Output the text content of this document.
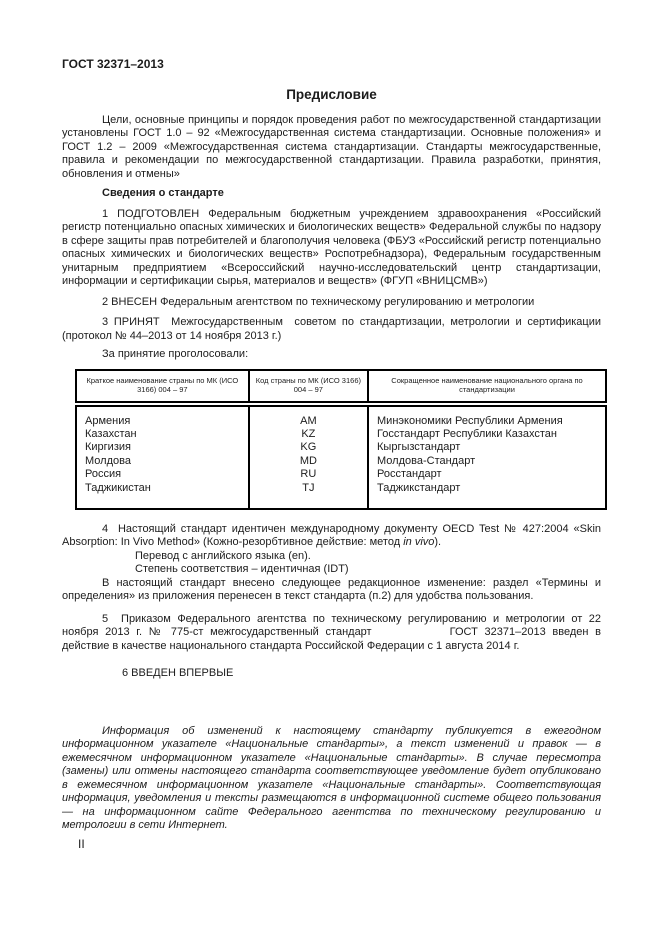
ГОСТ 32371–2013

Предисловие

Цели, основные принципы и порядок проведения работ по межгосударственной стандартизации установлены ГОСТ 1.0 – 92 «Межгосударственная система стандартизации. Основные положения» и ГОСТ 1.2 – 2009 «Межгосударственная система стандартизации. Стандарты межгосударственные, правила и рекомендации по межгосударственной стандартизации. Правила разработки, принятия, обновления и отмены»

Сведения о стандарте

1 ПОДГОТОВЛЕН Федеральным бюджетным учреждением здравоохранения «Российский регистр потенциально опасных химических и биологических веществ» Федеральной службы по надзору в сфере защиты прав потребителей и благополучия человека (ФБУЗ «Российский регистр потенциально опасных химических и биологических веществ» Роспотребнадзора), Федеральным государственным унитарным предприятием «Всероссийский научно-исследовательский центр стандартизации, информации и сертификации сырья, материалов и веществ» (ФГУП «ВНИЦСМВ»)

2 ВНЕСЕН Федеральным агентством по техническому регулированию и метрологии

3 ПРИНЯТ  Межгосударственным  советом по стандартизации, метрологии и сертификации (протокол № 44–2013 от 14 ноября 2013 г.)

За принятие проголосовали:

Краткое наименование страны по МК (ИСО 3166) 004 – 97	Код страны по МК (ИСО 3166) 004 – 97	Сокращенное наименование национального органа по стандартизации
Армения	AM	Минэкономики Республики Армения
Казахстан	KZ	Госстандарт Республики Казахстан
Киргизия	KG	Кыргызстандарт
Молдова	MD	Молдова-Стандарт
Россия	RU	Росстандарт
Таджикистан	TJ	Таджикстандарт

4  Настоящий стандарт идентичен международному документу OECD Test № 427:2004 «Skin Absorption: In Vivo Method» (Кожно-резорбтивное действие: метод in vivo).

Перевод с английского языка (en).

Степень соответствия – идентичная (IDT)

В настоящий стандарт внесено следующее редакционное изменение: раздел «Термины и определения» из приложения перенесен в текст стандарта (п.2) для удобства пользования.

5  Приказом Федерального агентства по техническому регулированию и метрологии от 22 ноября 2013 г. № 775-ст межгосударственный стандарт	ГОСТ 32371–2013 введен в действие в качестве национального стандарта Российской Федерации с 1 августа 2014 г.

6 ВВЕДЕН ВПЕРВЫЕ

Информация об изменений к настоящему стандарту публикуется в ежегодном информационном указателе «Национальные стандарты», а текст изменений и правок — в ежемесячном информационном указателе «Национальные стандарты». В случае пересмотра (замены) или отмены настоящего стандарта соответствующее уведомление будет опубликовано в ежемесячном информационном указателе «Национальные стандарты». Соответствующая информация, уведомления и тексты размещаются в информационной системе общего пользования — на информационном сайте Федерального агентства по техническому регулированию и метрологии в сети Интернет.

II
